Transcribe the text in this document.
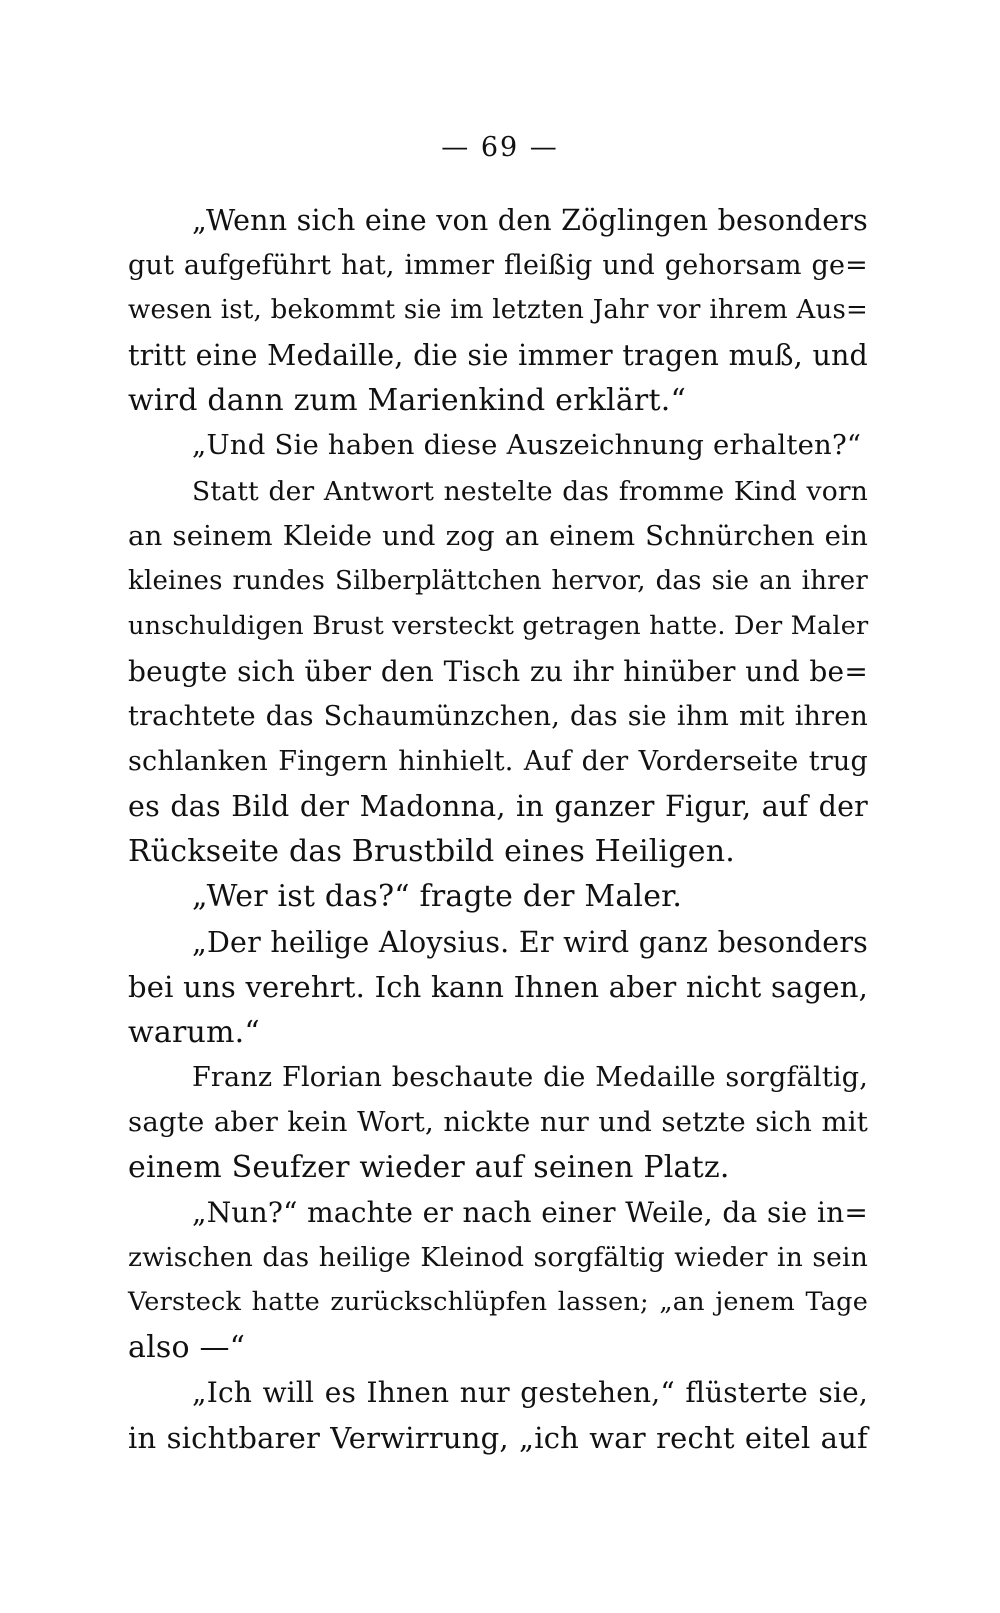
— 69 —
„Wenn sich eine von den Zöglingen besonders
gut aufgeführt hat, immer fleißig und gehorsam ge=
wesen ist, bekommt sie im letzten Jahr vor ihrem Aus=
tritt eine Medaille, die sie immer tragen muß, und
wird dann zum Marienkind erklärt.“
„Und Sie haben diese Auszeichnung erhalten?“
Statt der Antwort nestelte das fromme Kind vorn
an seinem Kleide und zog an einem Schnürchen ein
kleines rundes Silberplättchen hervor, das sie an ihrer
unschuldigen Brust versteckt getragen hatte. Der Maler
beugte sich über den Tisch zu ihr hinüber und be=
trachtete das Schaumünzchen, das sie ihm mit ihren
schlanken Fingern hinhielt. Auf der Vorderseite trug
es das Bild der Madonna, in ganzer Figur, auf der
Rückseite das Brustbild eines Heiligen.
„Wer ist das?“ fragte der Maler.
„Der heilige Aloysius. Er wird ganz besonders
bei uns verehrt. Ich kann Ihnen aber nicht sagen,
warum.“
Franz Florian beschaute die Medaille sorgfältig,
sagte aber kein Wort, nickte nur und setzte sich mit
einem Seufzer wieder auf seinen Platz.
„Nun?“ machte er nach einer Weile, da sie in=
zwischen das heilige Kleinod sorgfältig wieder in sein
Versteck hatte zurückschlüpfen lassen; „an jenem Tage
also —“
„Ich will es Ihnen nur gestehen,“ flüsterte sie,
in sichtbarer Verwirrung, „ich war recht eitel auf
